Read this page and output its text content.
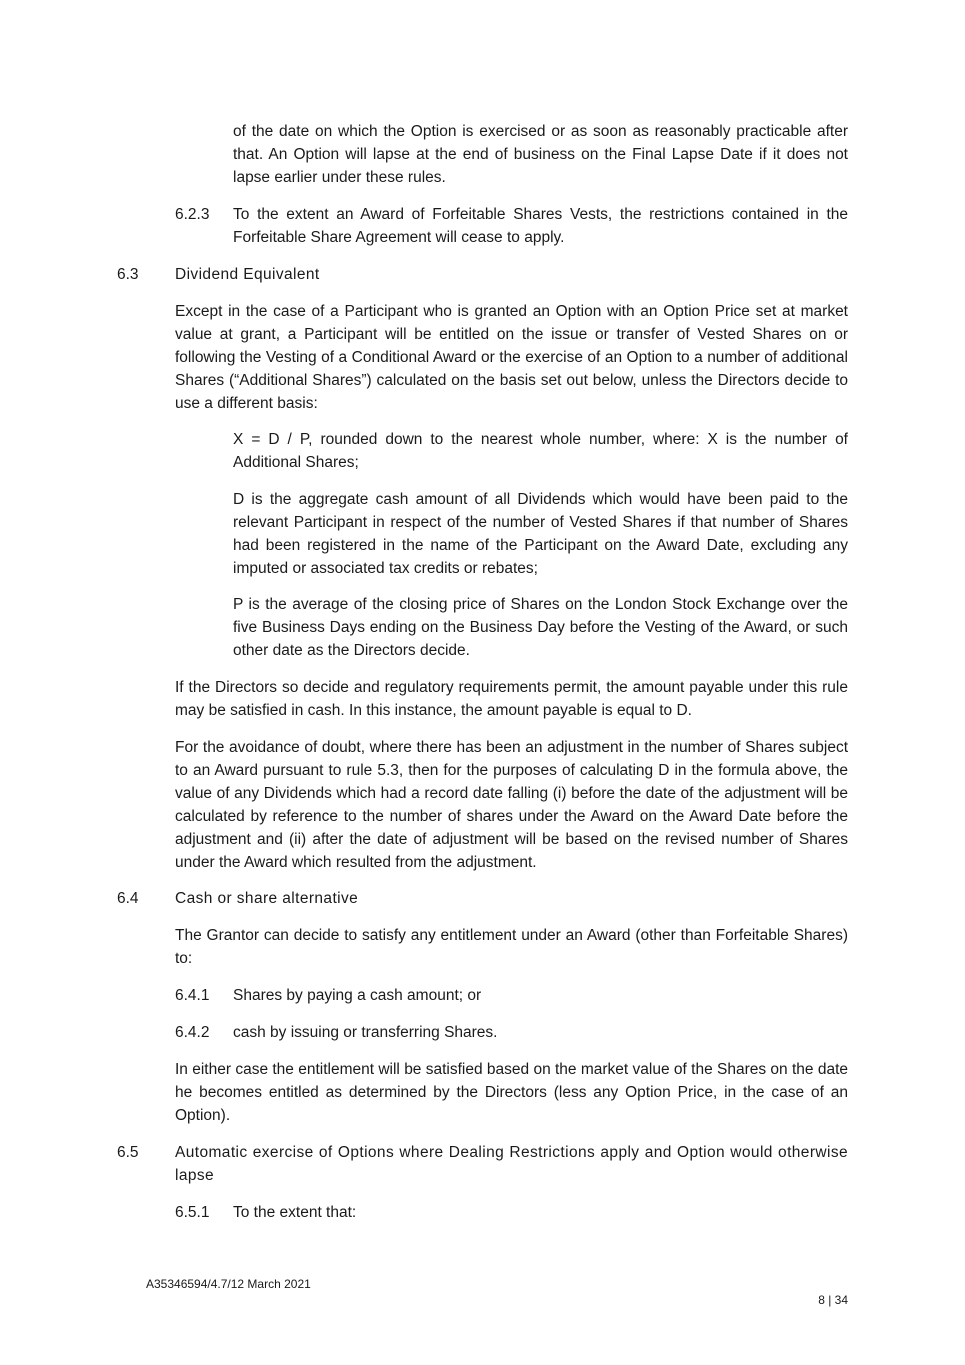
of the date on which the Option is exercised or as soon as reasonably practicable after that. An Option will lapse at the end of business on the Final Lapse Date if it does not lapse earlier under these rules.

6.2.3 To the extent an Award of Forfeitable Shares Vests, the restrictions contained in the Forfeitable Share Agreement will cease to apply.

6.3 Dividend Equivalent

Except in the case of a Participant who is granted an Option with an Option Price set at market value at grant, a Participant will be entitled on the issue or transfer of Vested Shares on or following the Vesting of a Conditional Award or the exercise of an Option to a number of additional Shares (“Additional Shares”) calculated on the basis set out below, unless the Directors decide to use a different basis:

X = D / P, rounded down to the nearest whole number, where: X is the number of Additional Shares;

D is the aggregate cash amount of all Dividends which would have been paid to the relevant Participant in respect of the number of Vested Shares if that number of Shares had been registered in the name of the Participant on the Award Date, excluding any imputed or associated tax credits or rebates;

P is the average of the closing price of Shares on the London Stock Exchange over the five Business Days ending on the Business Day before the Vesting of the Award, or such other date as the Directors decide.

If the Directors so decide and regulatory requirements permit, the amount payable under this rule may be satisfied in cash. In this instance, the amount payable is equal to D.

For the avoidance of doubt, where there has been an adjustment in the number of Shares subject to an Award pursuant to rule 5.3, then for the purposes of calculating D in the formula above, the value of any Dividends which had a record date falling (i) before the date of the adjustment will be calculated by reference to the number of shares under the Award on the Award Date before the adjustment and (ii) after the date of adjustment will be based on the revised number of Shares under the Award which resulted from the adjustment.

6.4 Cash or share alternative

The Grantor can decide to satisfy any entitlement under an Award (other than Forfeitable Shares) to:

6.4.1 Shares by paying a cash amount; or

6.4.2 cash by issuing or transferring Shares.

In either case the entitlement will be satisfied based on the market value of the Shares on the date he becomes entitled as determined by the Directors (less any Option Price, in the case of an Option).

6.5 Automatic exercise of Options where Dealing Restrictions apply and Option would otherwise lapse

6.5.1 To the extent that:

A35346594/4.7/12 March 2021

8 | 34
